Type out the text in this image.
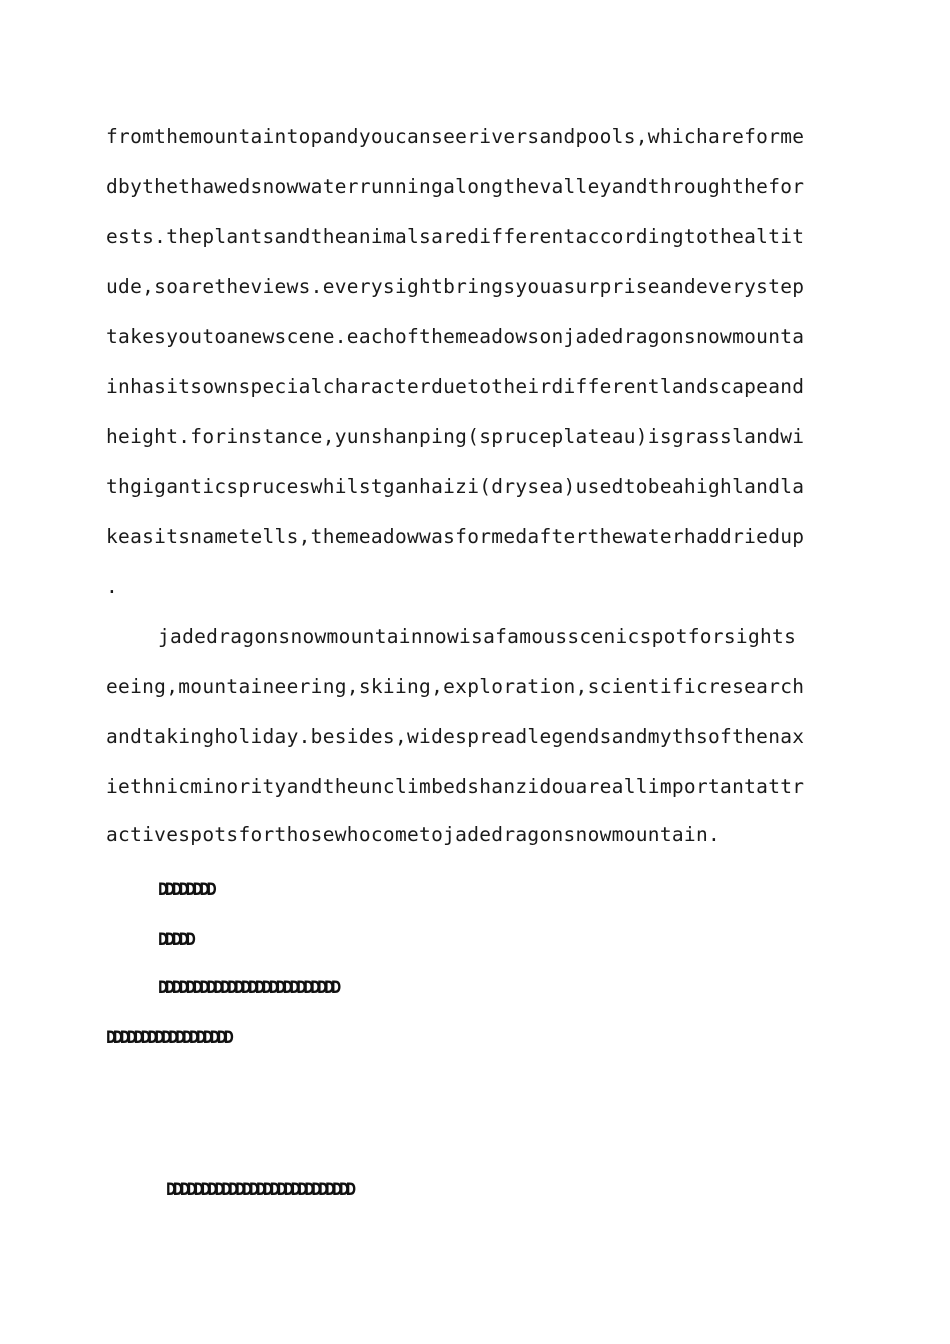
fromthemountaintopandyoucanseeriversandpools,whichareforme
dbythethawedsnowwaterrunningalongthevalleyandthroughthefor
ests.theplantsandtheanimalsaredifferentaccordingtothealtit
ude,soaretheviews.everysightbringsyouasurpriseandeverystep
takesyoutoanewscene.eachofthemeadowsonjadedragonsnowmounta
inhasitsownspecialcharacterduetotheirdifferentlandscapeand
height.forinstance,yunshanping(spruceplateau)isgrasslandwi
thgiganticspruceswhilstganhaizi(drysea)usedtobeahighlandla
keasitsnametells,themeadowwasformedafterthewaterhaddriedup
.
jadedragonsnowmountainnowisafamousscenicspotforsights
eeing,mountaineering,skiing,exploration,scientificresearch
andtakingholiday.besides,widespreadlegendsandmythsofthenax
iethnicminorityandtheunclimbedshanzidouareallimportantattr
activespotsforthosewhocometojadedragonsnowmountain.
DDDDDDDD
DDDDD
DDDDDDDDDDDDDDDDDDDDDDDDDD
DDDDDDDDDDDDDDDDDD
DDDDDDDDDDDDDDDDDDDDDDDDDDD
